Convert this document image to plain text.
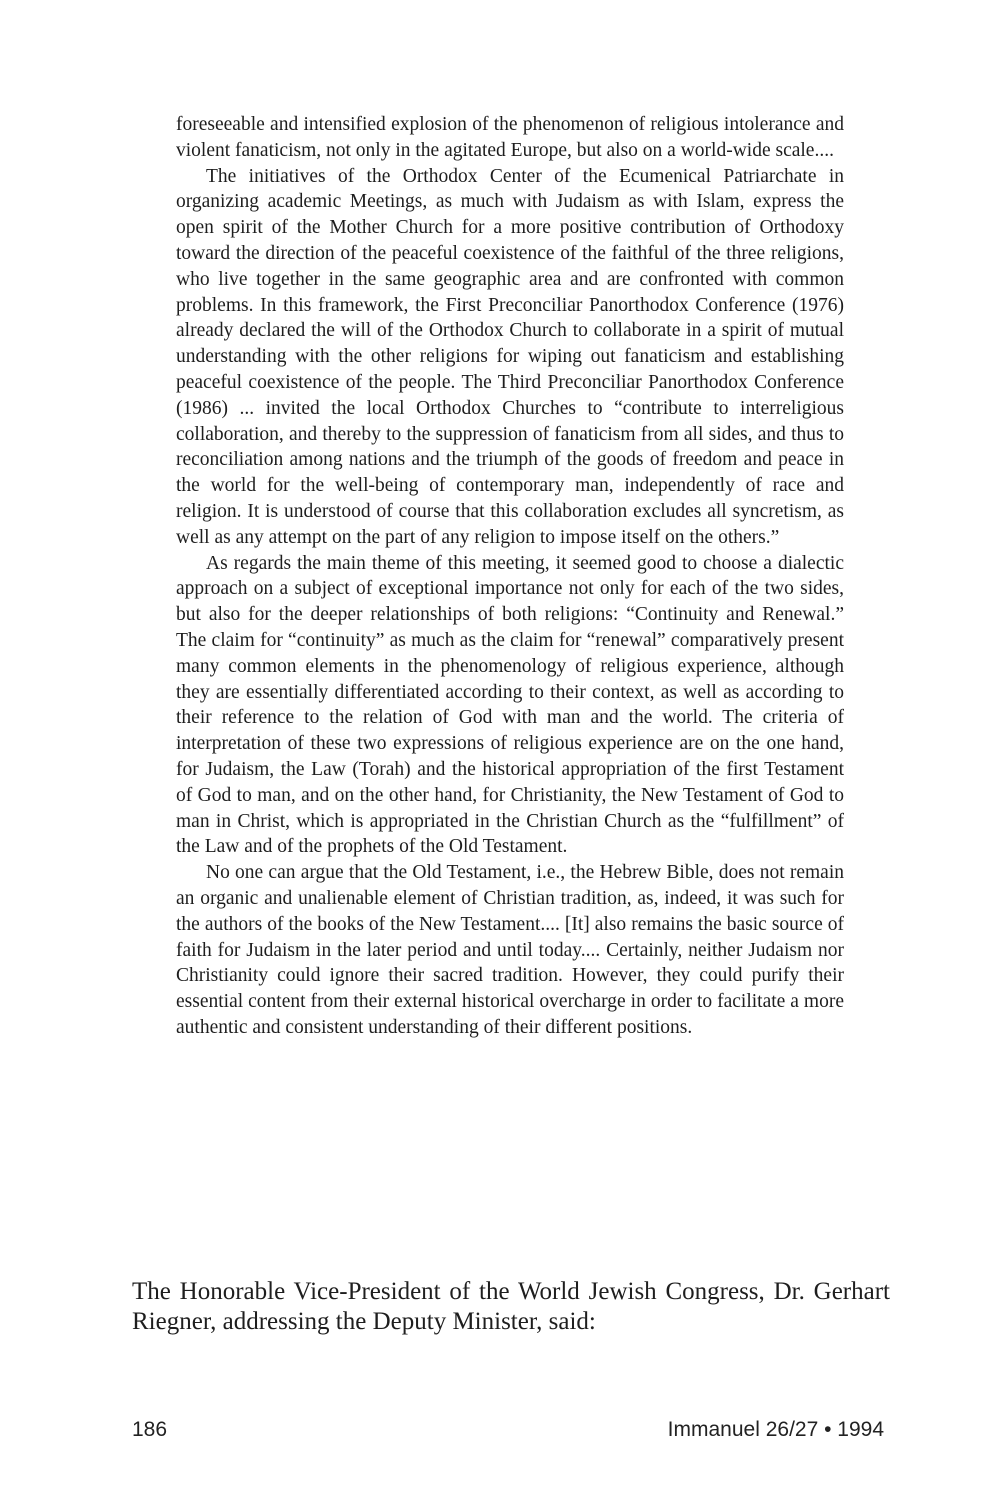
foreseeable and intensified explosion of the phenomenon of religious intolerance and violent fanaticism, not only in the agitated Europe, but also on a world-wide scale....

The initiatives of the Orthodox Center of the Ecumenical Patriarchate in organizing academic Meetings, as much with Judaism as with Islam, express the open spirit of the Mother Church for a more positive contribution of Orthodoxy toward the direction of the peaceful coexistence of the faithful of the three religions, who live together in the same geographic area and are confronted with common problems. In this framework, the First Preconciliar Panorthodox Conference (1976) already declared the will of the Orthodox Church to collaborate in a spirit of mutual understanding with the other religions for wiping out fanaticism and establishing peaceful coexistence of the people. The Third Preconciliar Panorthodox Conference (1986) ... invited the local Orthodox Churches to “contribute to interreligious collaboration, and thereby to the suppression of fanaticism from all sides, and thus to reconciliation among nations and the triumph of the goods of freedom and peace in the world for the well-being of contemporary man, independently of race and religion. It is understood of course that this collaboration excludes all syncretism, as well as any attempt on the part of any religion to impose itself on the others.”

As regards the main theme of this meeting, it seemed good to choose a dialectic approach on a subject of exceptional importance not only for each of the two sides, but also for the deeper relationships of both religions: “Continuity and Renewal.” The claim for “continuity” as much as the claim for “renewal” comparatively present many common elements in the phenomenology of religious experience, although they are essentially differentiated according to their context, as well as according to their reference to the relation of God with man and the world. The criteria of interpretation of these two expressions of religious experience are on the one hand, for Judaism, the Law (Torah) and the historical appropriation of the first Testament of God to man, and on the other hand, for Christianity, the New Testament of God to man in Christ, which is appropriated in the Christian Church as the “fulfillment” of the Law and of the prophets of the Old Testament.

No one can argue that the Old Testament, i.e., the Hebrew Bible, does not remain an organic and unalienable element of Christian tradition, as, indeed, it was such for the authors of the books of the New Testament.... [It] also remains the basic source of faith for Judaism in the later period and until today.... Certainly, neither Judaism nor Christianity could ignore their sacred tradition. However, they could purify their essential content from their external historical overcharge in order to facilitate a more authentic and consistent understanding of their different positions.

The Honorable Vice-President of the World Jewish Congress, Dr. Gerhart Riegner, addressing the Deputy Minister, said:

186	Immanuel 26/27 • 1994
